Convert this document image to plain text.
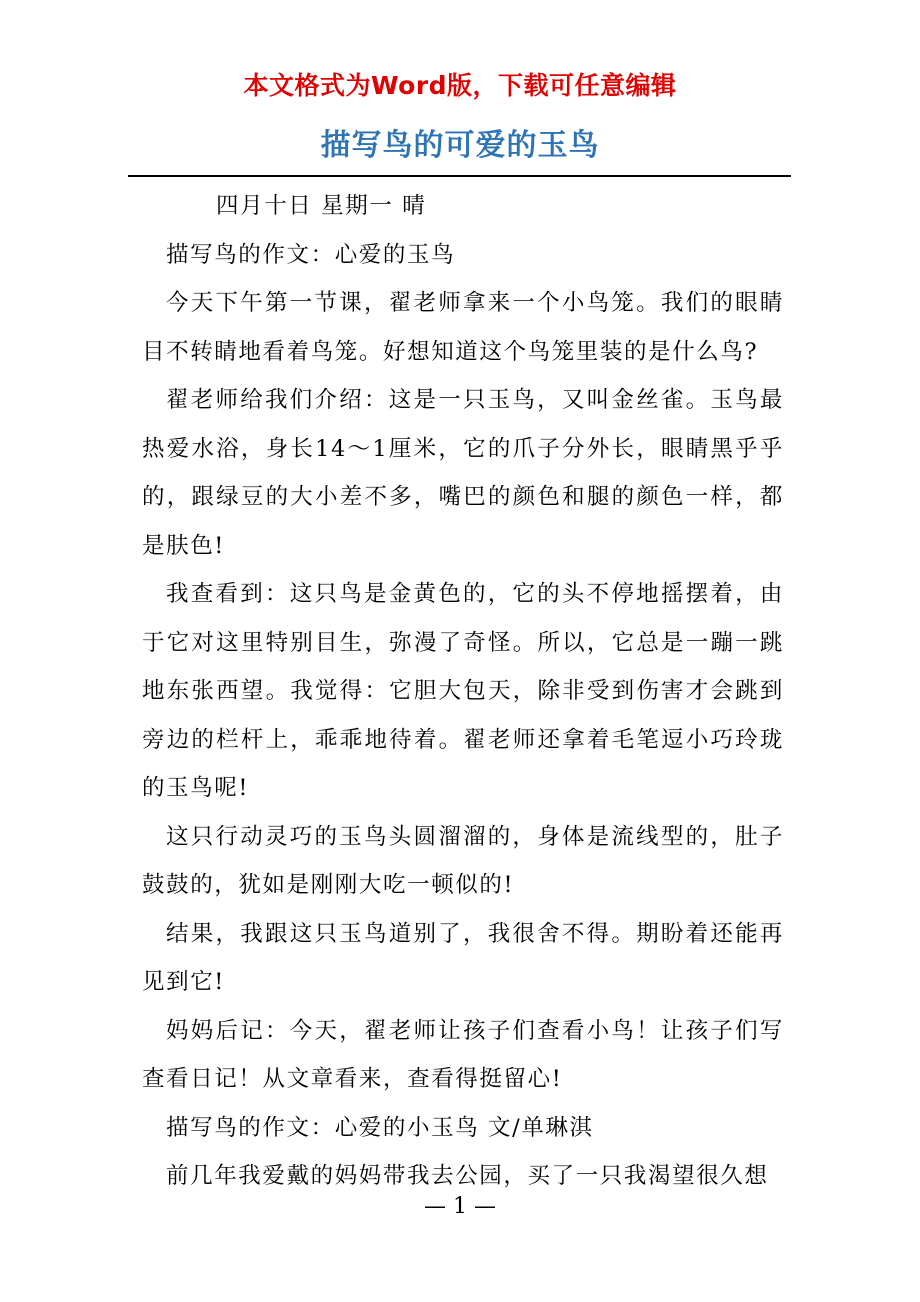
本文格式为Word版，下载可任意编辑
描写鸟的可爱的玉鸟

四月十日 星期一 晴

描写鸟的作文：心爱的玉鸟

今天下午第一节课，翟老师拿来一个小鸟笼。我们的眼睛目不转睛地看着鸟笼。好想知道这个鸟笼里装的是什么鸟?

翟老师给我们介绍：这是一只玉鸟，又叫金丝雀。玉鸟最热爱水浴，身长14～1厘米，它的爪子分外长，眼睛黑乎乎的，跟绿豆的大小差不多，嘴巴的颜色和腿的颜色一样，都是肤色!

我查看到：这只鸟是金黄色的，它的头不停地摇摆着，由于它对这里特别目生，弥漫了奇怪。所以，它总是一蹦一跳地东张西望。我觉得：它胆大包天，除非受到伤害才会跳到旁边的栏杆上，乖乖地待着。翟老师还拿着毛笔逗小巧玲珑的玉鸟呢!

这只行动灵巧的玉鸟头圆溜溜的，身体是流线型的，肚子鼓鼓的，犹如是刚刚大吃一顿似的!

结果，我跟这只玉鸟道别了，我很舍不得。期盼着还能再见到它!

妈妈后记：今天，翟老师让孩子们查看小鸟！让孩子们写查看日记！从文章看来，查看得挺留心!

描写鸟的作文：心爱的小玉鸟 文/单琳淇

前几年我爱戴的妈妈带我去公园，买了一只我渴望很久想

— 1 —
